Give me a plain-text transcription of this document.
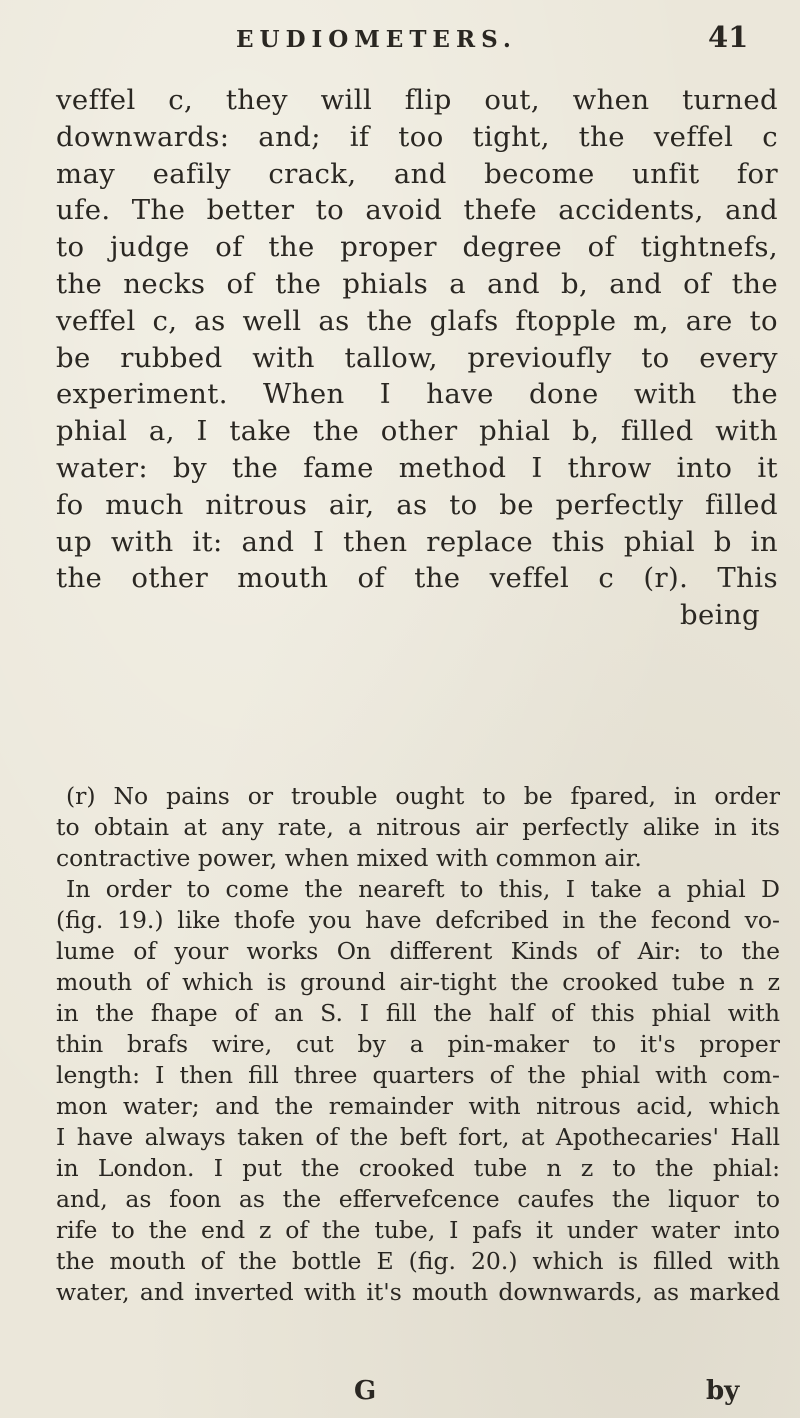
EUDIOMETERS.	41
veffel c, they will flip out, when turned
downwards: and; if too tight, the veffel c
may eafily crack, and become unfit for
ufe. The better to avoid thefe accidents, and
to judge of the proper degree of tightnefs,
the necks of the phials a and b, and of the
veffel c, as well as the glafs ftopple m, are to
be rubbed with tallow, previoufly to every
experiment. When I have done with the
phial a, I take the other phial b, filled with
water: by the fame method I throw into it
fo much nitrous air, as to be perfectly filled
up with it: and I then replace this phial b in
the other mouth of the veffel c (r). This
being
(r) No pains or trouble ought to be fpared, in order
to obtain at any rate, a nitrous air perfectly alike in its
contractive power, when mixed with common air.
In order to come the neareft to this, I take a phial D
(fig. 19.) like thofe you have defcribed in the fecond vo-
lume of your works On different Kinds of Air: to the
mouth of which is ground air-tight the crooked tube n z
in the fhape of an S. I fill the half of this phial with
thin brafs wire, cut by a pin-maker to it's proper
length: I then fill three quarters of the phial with com-
mon water; and the remainder with nitrous acid, which
I have always taken of the beft fort, at Apothecaries' Hall
in London. I put the crooked tube n z to the phial:
and, as foon as the effervefcence caufes the liquor to
rife to the end z of the tube, I pafs it under water into
the mouth of the bottle E (fig. 20.) which is filled with
water, and inverted with it's mouth downwards, as marked
G	by
